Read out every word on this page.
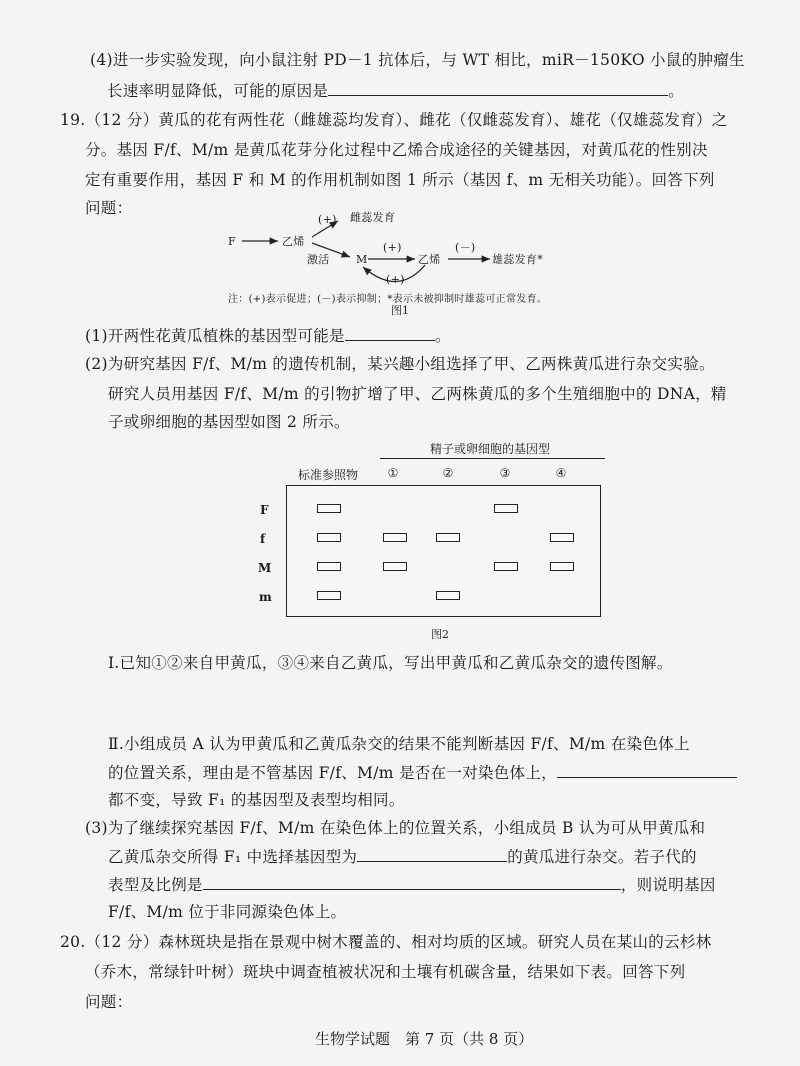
(4)进一步实验发现，向小鼠注射 PD－1 抗体后，与 WT 相比，miR－150KO 小鼠的肿瘤生
长速率明显降低，可能的原因是	。
19.（12 分）黄瓜的花有两性花（雌雄蕊均发育）、雌花（仅雌蕊发育）、雄花（仅雄蕊发育）之
分。基因 F/f、M/m 是黄瓜花芽分化过程中乙烯合成途径的关键基因，对黄瓜花的性别决
定有重要作用，基因 F 和 M 的作用机制如图 1 所示（基因 f、m 无相关功能）。回答下列
问题：
F	乙烯
(+) 雌蕊发育
激活 M
(+)
乙烯
(－)
雄蕊发育*
(+)
注：(+)表示促进；(－)表示抑制；*表示未被抑制时雄蕊可正常发育。
图1
(1)开两性花黄瓜植株的基因型可能是	。
(2)为研究基因 F/f、M/m 的遗传机制，某兴趣小组选择了甲、乙两株黄瓜进行杂交实验。
研究人员用基因 F/f、M/m 的引物扩增了甲、乙两株黄瓜的多个生殖细胞中的 DNA，精
子或卵细胞的基因型如图 2 所示。
精子或卵细胞的基因型
标准参照物	①	②	③	④
F
f
M
m
图2
Ⅰ.已知①②来自甲黄瓜，③④来自乙黄瓜，写出甲黄瓜和乙黄瓜杂交的遗传图解。
Ⅱ.小组成员 A 认为甲黄瓜和乙黄瓜杂交的结果不能判断基因 F/f、M/m 在染色体上
的位置关系，理由是不管基因 F/f、M/m 是否在一对染色体上，
都不变，导致 F₁ 的基因型及表型均相同。
(3)为了继续探究基因 F/f、M/m 在染色体上的位置关系，小组成员 B 认为可从甲黄瓜和
乙黄瓜杂交所得 F₁ 中选择基因型为	的黄瓜进行杂交。若子代的
表型及比例是	，则说明基因
F/f、M/m 位于非同源染色体上。
20.（12 分）森林斑块是指在景观中树木覆盖的、相对均质的区域。研究人员在某山的云杉林
（乔木，常绿针叶树）斑块中调查植被状况和土壤有机碳含量，结果如下表。回答下列
问题：
生物学试题　第 7 页（共 8 页）
